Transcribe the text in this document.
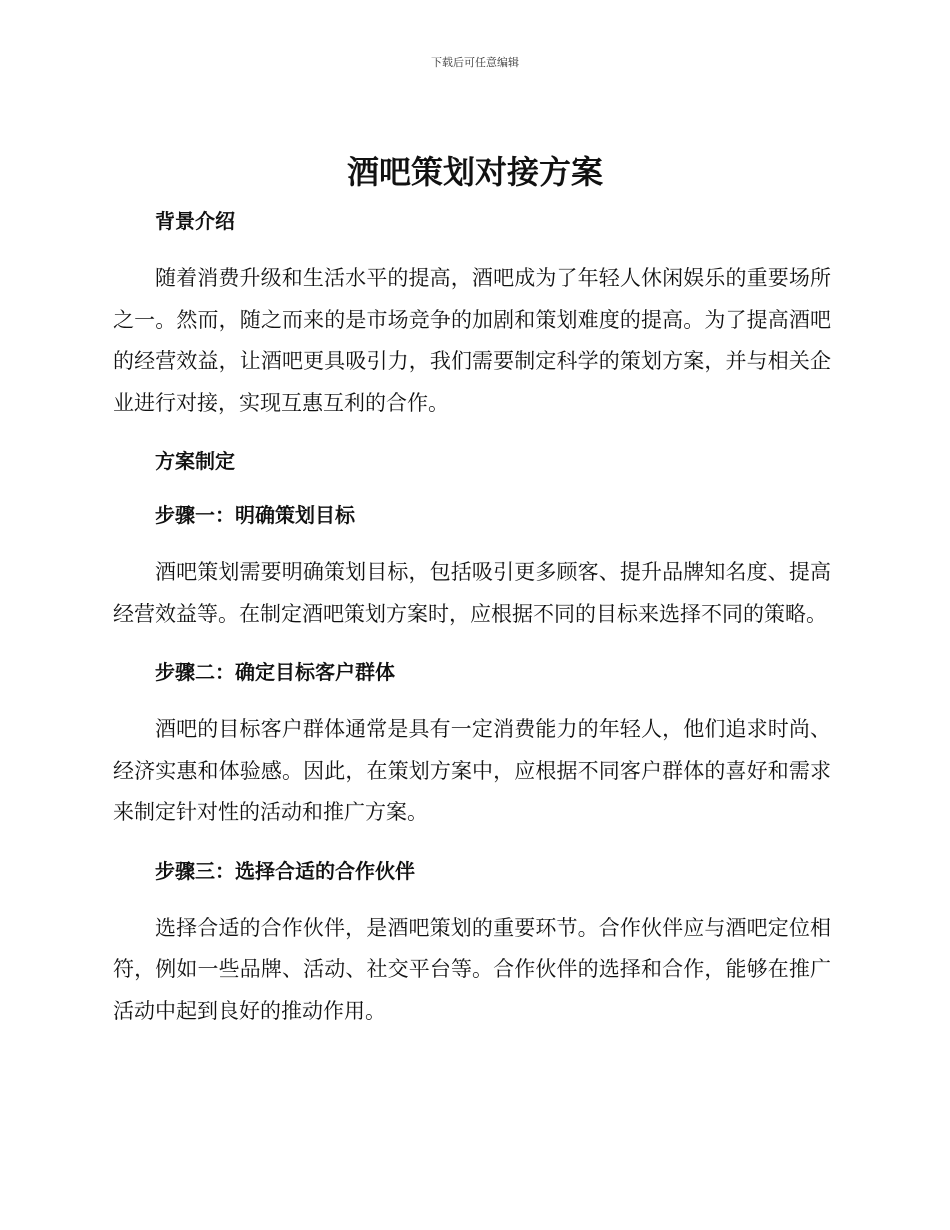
下载后可任意编辑
酒吧策划对接方案

背景介绍

随着消费升级和生活水平的提高，酒吧成为了年轻人休闲娱乐的重要场所之一。然而，随之而来的是市场竞争的加剧和策划难度的提高。为了提高酒吧的经营效益，让酒吧更具吸引力，我们需要制定科学的策划方案，并与相关企业进行对接，实现互惠互利的合作。

方案制定

步骤一：明确策划目标

酒吧策划需要明确策划目标，包括吸引更多顾客、提升品牌知名度、提高经营效益等。在制定酒吧策划方案时，应根据不同的目标来选择不同的策略。

步骤二：确定目标客户群体

酒吧的目标客户群体通常是具有一定消费能力的年轻人，他们追求时尚、经济实惠和体验感。因此，在策划方案中，应根据不同客户群体的喜好和需求来制定针对性的活动和推广方案。

步骤三：选择合适的合作伙伴

选择合适的合作伙伴，是酒吧策划的重要环节。合作伙伴应与酒吧定位相符，例如一些品牌、活动、社交平台等。合作伙伴的选择和合作，能够在推广活动中起到良好的推动作用。
